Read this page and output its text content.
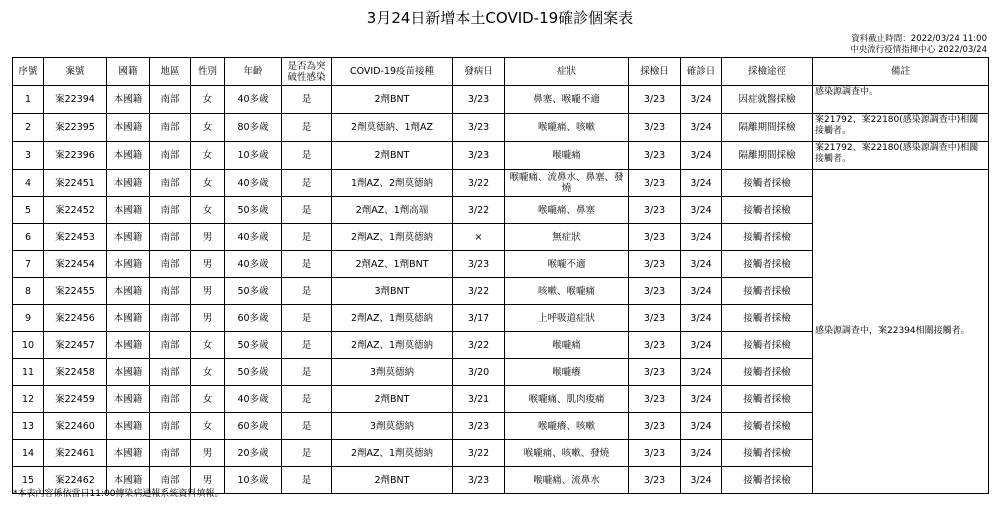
3月24日新增本土COVID-19確診個案表
資料截止時間：2022/03/24 11:00
中央流行疫情指揮中心 2022/03/24
序號	案號	國籍	地區	性別	年齡	是否為突破性感染	COVID-19疫苗接種	發病日	症狀	採檢日	確診日	採檢途徑	備註
1	案22394	本國籍	南部	女	40多歲	是	2劑BNT	3/23	鼻塞、喉嚨不適	3/23	3/24	因症就醫採檢	感染源調查中。
2	案22395	本國籍	南部	女	80多歲	是	2劑莫德納、1劑AZ	3/23	喉嚨痛、咳嗽	3/23	3/24	隔離期間採檢	案21792、案22180(感染源調查中)相關接觸者。
3	案22396	本國籍	南部	女	10多歲	是	2劑BNT	3/23	喉嚨痛	3/23	3/24	隔離期間採檢	案21792、案22180(感染源調查中)相關接觸者。
4	案22451	本國籍	南部	女	40多歲	是	1劑AZ、2劑莫德納	3/22	喉嚨痛、流鼻水、鼻塞、發燒	3/23	3/24	接觸者採檢	感染源調查中，案22394相關接觸者。
5	案22452	本國籍	南部	女	50多歲	是	2劑AZ、1劑高端	3/22	喉嚨痛、鼻塞	3/23	3/24	接觸者採檢	
6	案22453	本國籍	南部	男	40多歲	是	2劑AZ、1劑莫德納	×	無症狀	3/23	3/24	接觸者採檢	
7	案22454	本國籍	南部	男	40多歲	是	2劑AZ、1劑BNT	3/23	喉嚨不適	3/23	3/24	接觸者採檢	
8	案22455	本國籍	南部	男	50多歲	是	3劑BNT	3/22	咳嗽、喉嚨痛	3/23	3/24	接觸者採檢	
9	案22456	本國籍	南部	男	60多歲	是	2劑AZ、1劑莫德納	3/17	上呼吸道症狀	3/23	3/24	接觸者採檢	
10	案22457	本國籍	南部	女	50多歲	是	2劑AZ、1劑莫德納	3/22	喉嚨痛	3/23	3/24	接觸者採檢	
11	案22458	本國籍	南部	女	50多歲	是	3劑莫德納	3/20	喉嚨癢	3/23	3/24	接觸者採檢	
12	案22459	本國籍	南部	女	40多歲	是	2劑BNT	3/21	喉嚨痛、肌肉痠痛	3/23	3/24	接觸者採檢	
13	案22460	本國籍	南部	女	60多歲	是	3劑莫德納	3/23	喉嚨癢、咳嗽	3/23	3/24	接觸者採檢	
14	案22461	本國籍	南部	男	20多歲	是	2劑AZ、1劑莫德納	3/22	喉嚨痛、咳嗽、發燒	3/23	3/24	接觸者採檢	
15	案22462	本國籍	南部	男	10多歲	是	2劑BNT	3/23	喉嚨痛、流鼻水	3/23	3/24	接觸者採檢	
*本表內容係依當日11:00傳染病通報系統資料填報。
